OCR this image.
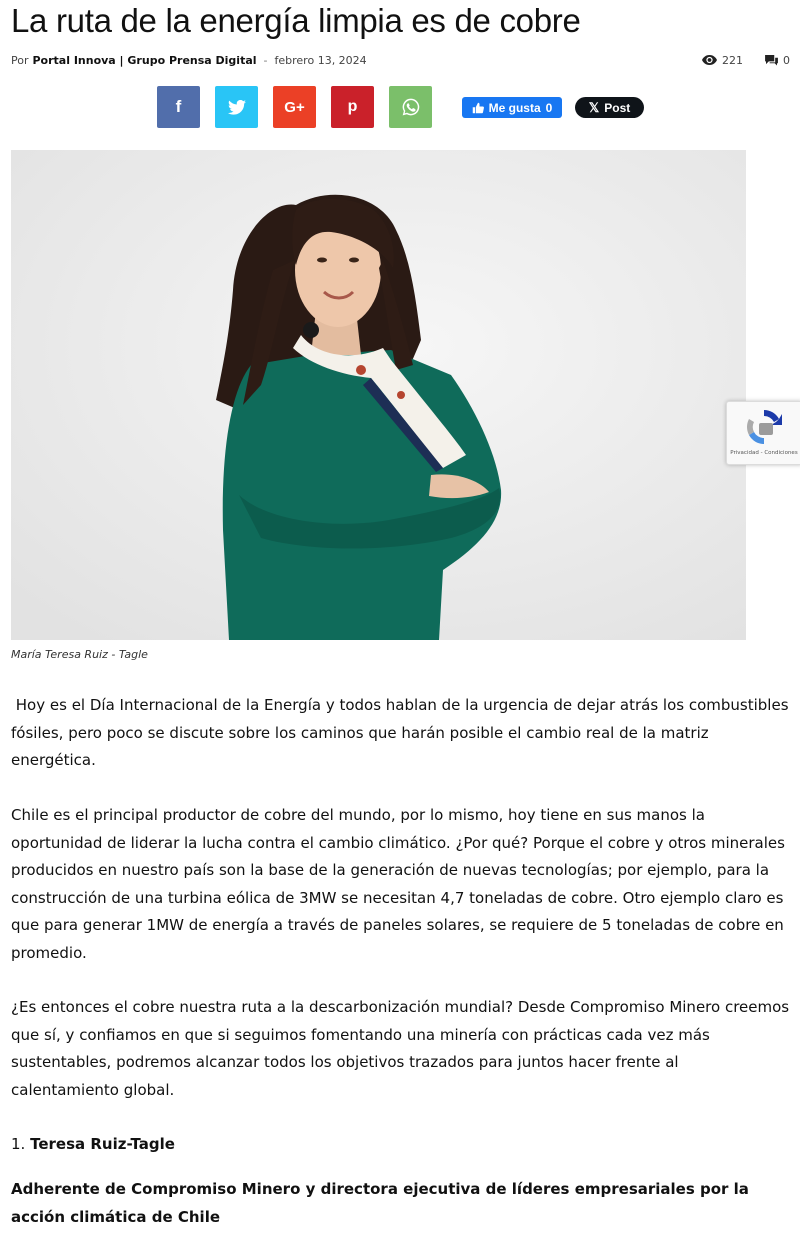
La ruta de la energía limpia es de cobre
Por Portal Innova | Grupo Prensa Digital - febrero 13, 2024	221	0
f	G+	p	Me gusta 0	𝕏 Post
María Teresa Ruiz - Tagle
Privacidad - Condiciones

Hoy es el Día Internacional de la Energía y todos hablan de la urgencia de dejar atrás los combustibles fósiles, pero poco se discute sobre los caminos que harán posible el cambio real de la matriz energética.

Chile es el principal productor de cobre del mundo, por lo mismo, hoy tiene en sus manos la oportunidad de liderar la lucha contra el cambio climático. ¿Por qué? Porque el cobre y otros minerales producidos en nuestro país son la base de la generación de nuevas tecnologías; por ejemplo, para la construcción de una turbina eólica de 3MW se necesitan 4,7 toneladas de cobre. Otro ejemplo claro es que para generar 1MW de energía a través de paneles solares, se requiere de 5 toneladas de cobre en promedio.

¿Es entonces el cobre nuestra ruta a la descarbonización mundial? Desde Compromiso Minero creemos que sí, y confiamos en que si seguimos fomentando una minería con prácticas cada vez más sustentables, podremos alcanzar todos los objetivos trazados para juntos hacer frente al calentamiento global.

1. Teresa Ruiz-Tagle

Adherente de Compromiso Minero y directora ejecutiva de líderes empresariales por la acción climática de Chile
